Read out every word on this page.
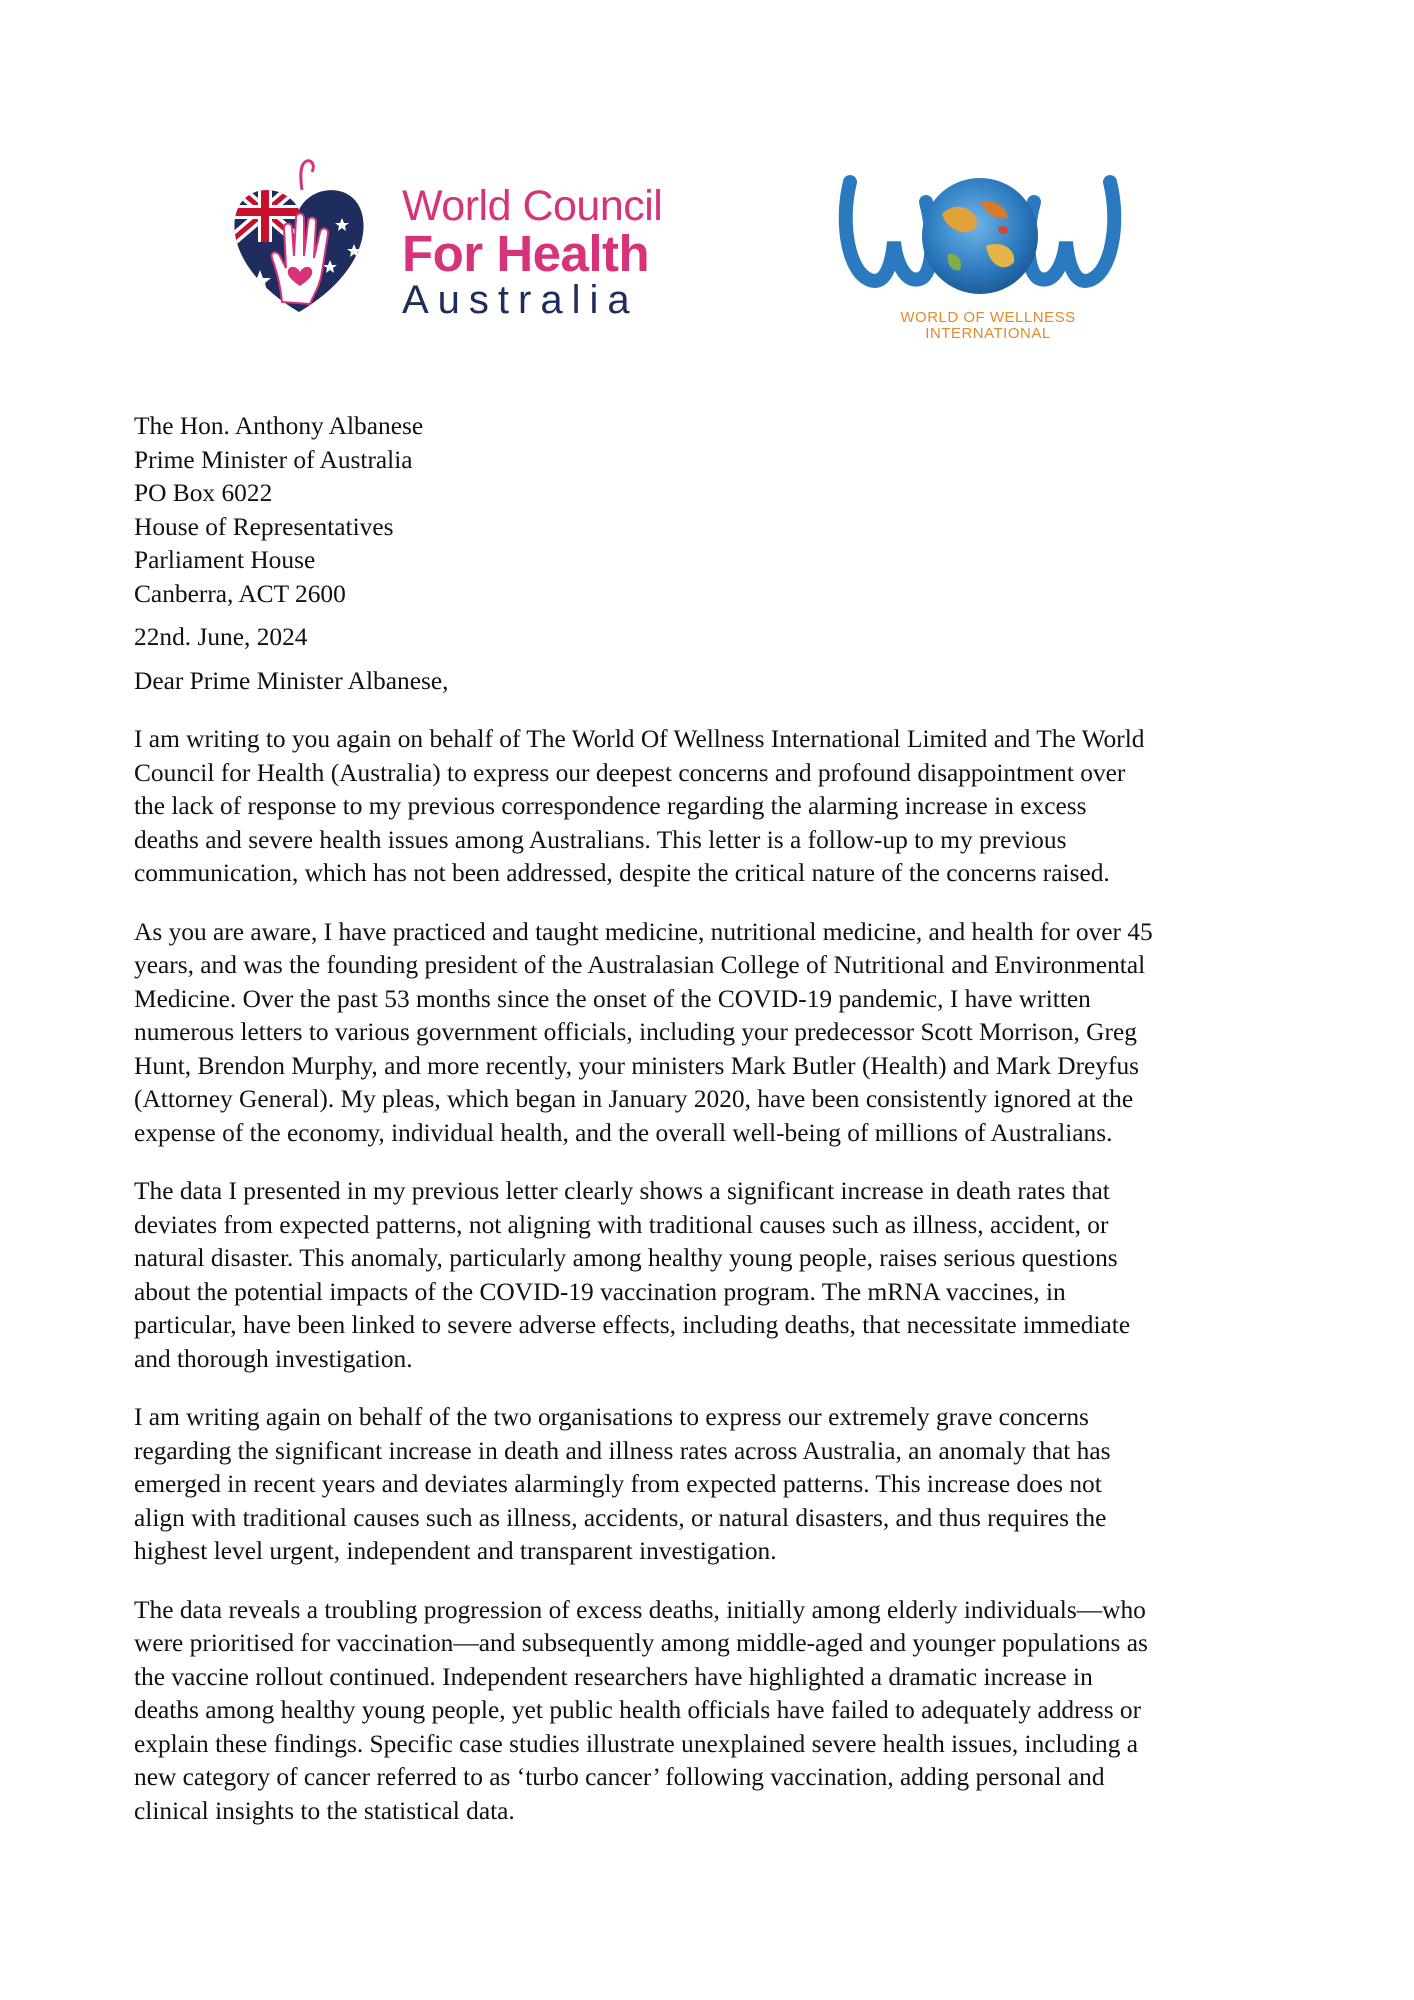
World Council
For Health
Australia	WORLD OF WELLNESS
INTERNATIONAL
The Hon. Anthony Albanese
Prime Minister of Australia
PO Box 6022
House of Representatives
Parliament House
Canberra, ACT 2600
22nd. June, 2024
Dear Prime Minister Albanese,

I am writing to you again on behalf of The World Of Wellness International Limited and The World
Council for Health (Australia) to express our deepest concerns and profound disappointment over
the lack of response to my previous correspondence regarding the alarming increase in excess
deaths and severe health issues among Australians. This letter is a follow-up to my previous
communication, which has not been addressed, despite the critical nature of the concerns raised.

As you are aware, I have practiced and taught medicine, nutritional medicine, and health for over 45
years, and was the founding president of the Australasian College of Nutritional and Environmental
Medicine. Over the past 53 months since the onset of the COVID-19 pandemic, I have written
numerous letters to various government officials, including your predecessor Scott Morrison, Greg
Hunt, Brendon Murphy, and more recently, your ministers Mark Butler (Health) and Mark Dreyfus
(Attorney General). My pleas, which began in January 2020, have been consistently ignored at the
expense of the economy, individual health, and the overall well-being of millions of Australians.

The data I presented in my previous letter clearly shows a significant increase in death rates that
deviates from expected patterns, not aligning with traditional causes such as illness, accident, or
natural disaster. This anomaly, particularly among healthy young people, raises serious questions
about the potential impacts of the COVID-19 vaccination program. The mRNA vaccines, in
particular, have been linked to severe adverse effects, including deaths, that necessitate immediate
and thorough investigation.

I am writing again on behalf of the two organisations to express our extremely grave concerns
regarding the significant increase in death and illness rates across Australia, an anomaly that has
emerged in recent years and deviates alarmingly from expected patterns. This increase does not
align with traditional causes such as illness, accidents, or natural disasters, and thus requires the
highest level urgent, independent and transparent investigation.

The data reveals a troubling progression of excess deaths, initially among elderly individuals—who
were prioritised for vaccination—and subsequently among middle-aged and younger populations as
the vaccine rollout continued. Independent researchers have highlighted a dramatic increase in
deaths among healthy young people, yet public health officials have failed to adequately address or
explain these findings. Specific case studies illustrate unexplained severe health issues, including a
new category of cancer referred to as ‘turbo cancer’ following vaccination, adding personal and
clinical insights to the statistical data.
